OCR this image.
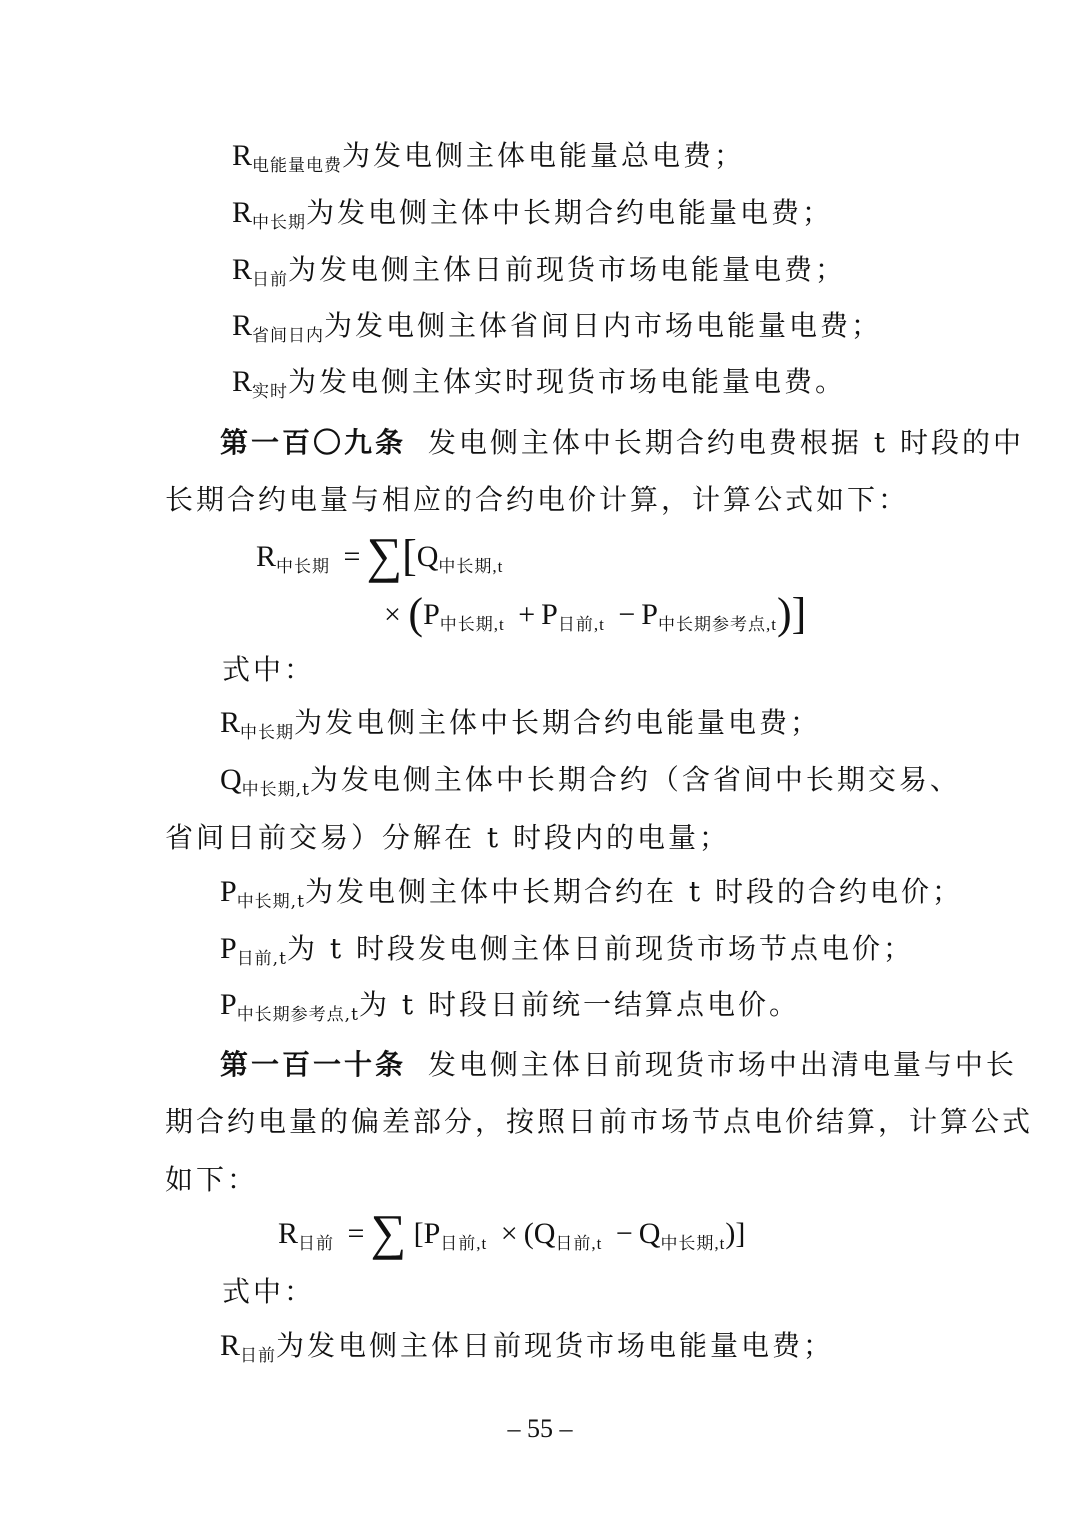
$R_{电能量电费}$为发电侧主体电能量总电费；
$R_{中长期}$为发电侧主体中长期合约电能量电费；
$R_{日前}$为发电侧主体日前现货市场电能量电费；
$R_{省间日内}$为发电侧主体省间日内市场电能量电费；
$R_{实时}$为发电侧主体实时现货市场电能量电费。
第一百〇九条 发电侧主体中长期合约电费根据 t 时段的中
长期合约电量与相应的合约电价计算，计算公式如下：
$R_{中长期} = \sum[Q_{中长期,t}$
× $(P_{中长期,t} + P_{日前,t} - P_{中长期参考点,t})$]
式中：
$R_{中长期}$为发电侧主体中长期合约电能量电费；
$Q_{中长期,t}$为发电侧主体中长期合约（含省间中长期交易、
省间日前交易）分解在 t 时段内的电量；
$P_{中长期,t}$为发电侧主体中长期合约在 t 时段的合约电价；
$P_{日前,t}$为 t 时段发电侧主体日前现货市场节点电价；
$P_{中长期参考点,t}$为 t 时段日前统一结算点电价。
第一百一十条 发电侧主体日前现货市场中出清电量与中长
期合约电量的偏差部分，按照日前市场节点电价结算，计算公式
如下：
$R_{日前}$ = ∑ $[P_{日前,t} \times (Q_{日前,t} - Q_{中长期,t})]$
式中：
$R_{日前}$为发电侧主体日前现货市场电能量电费；
– 55 –
